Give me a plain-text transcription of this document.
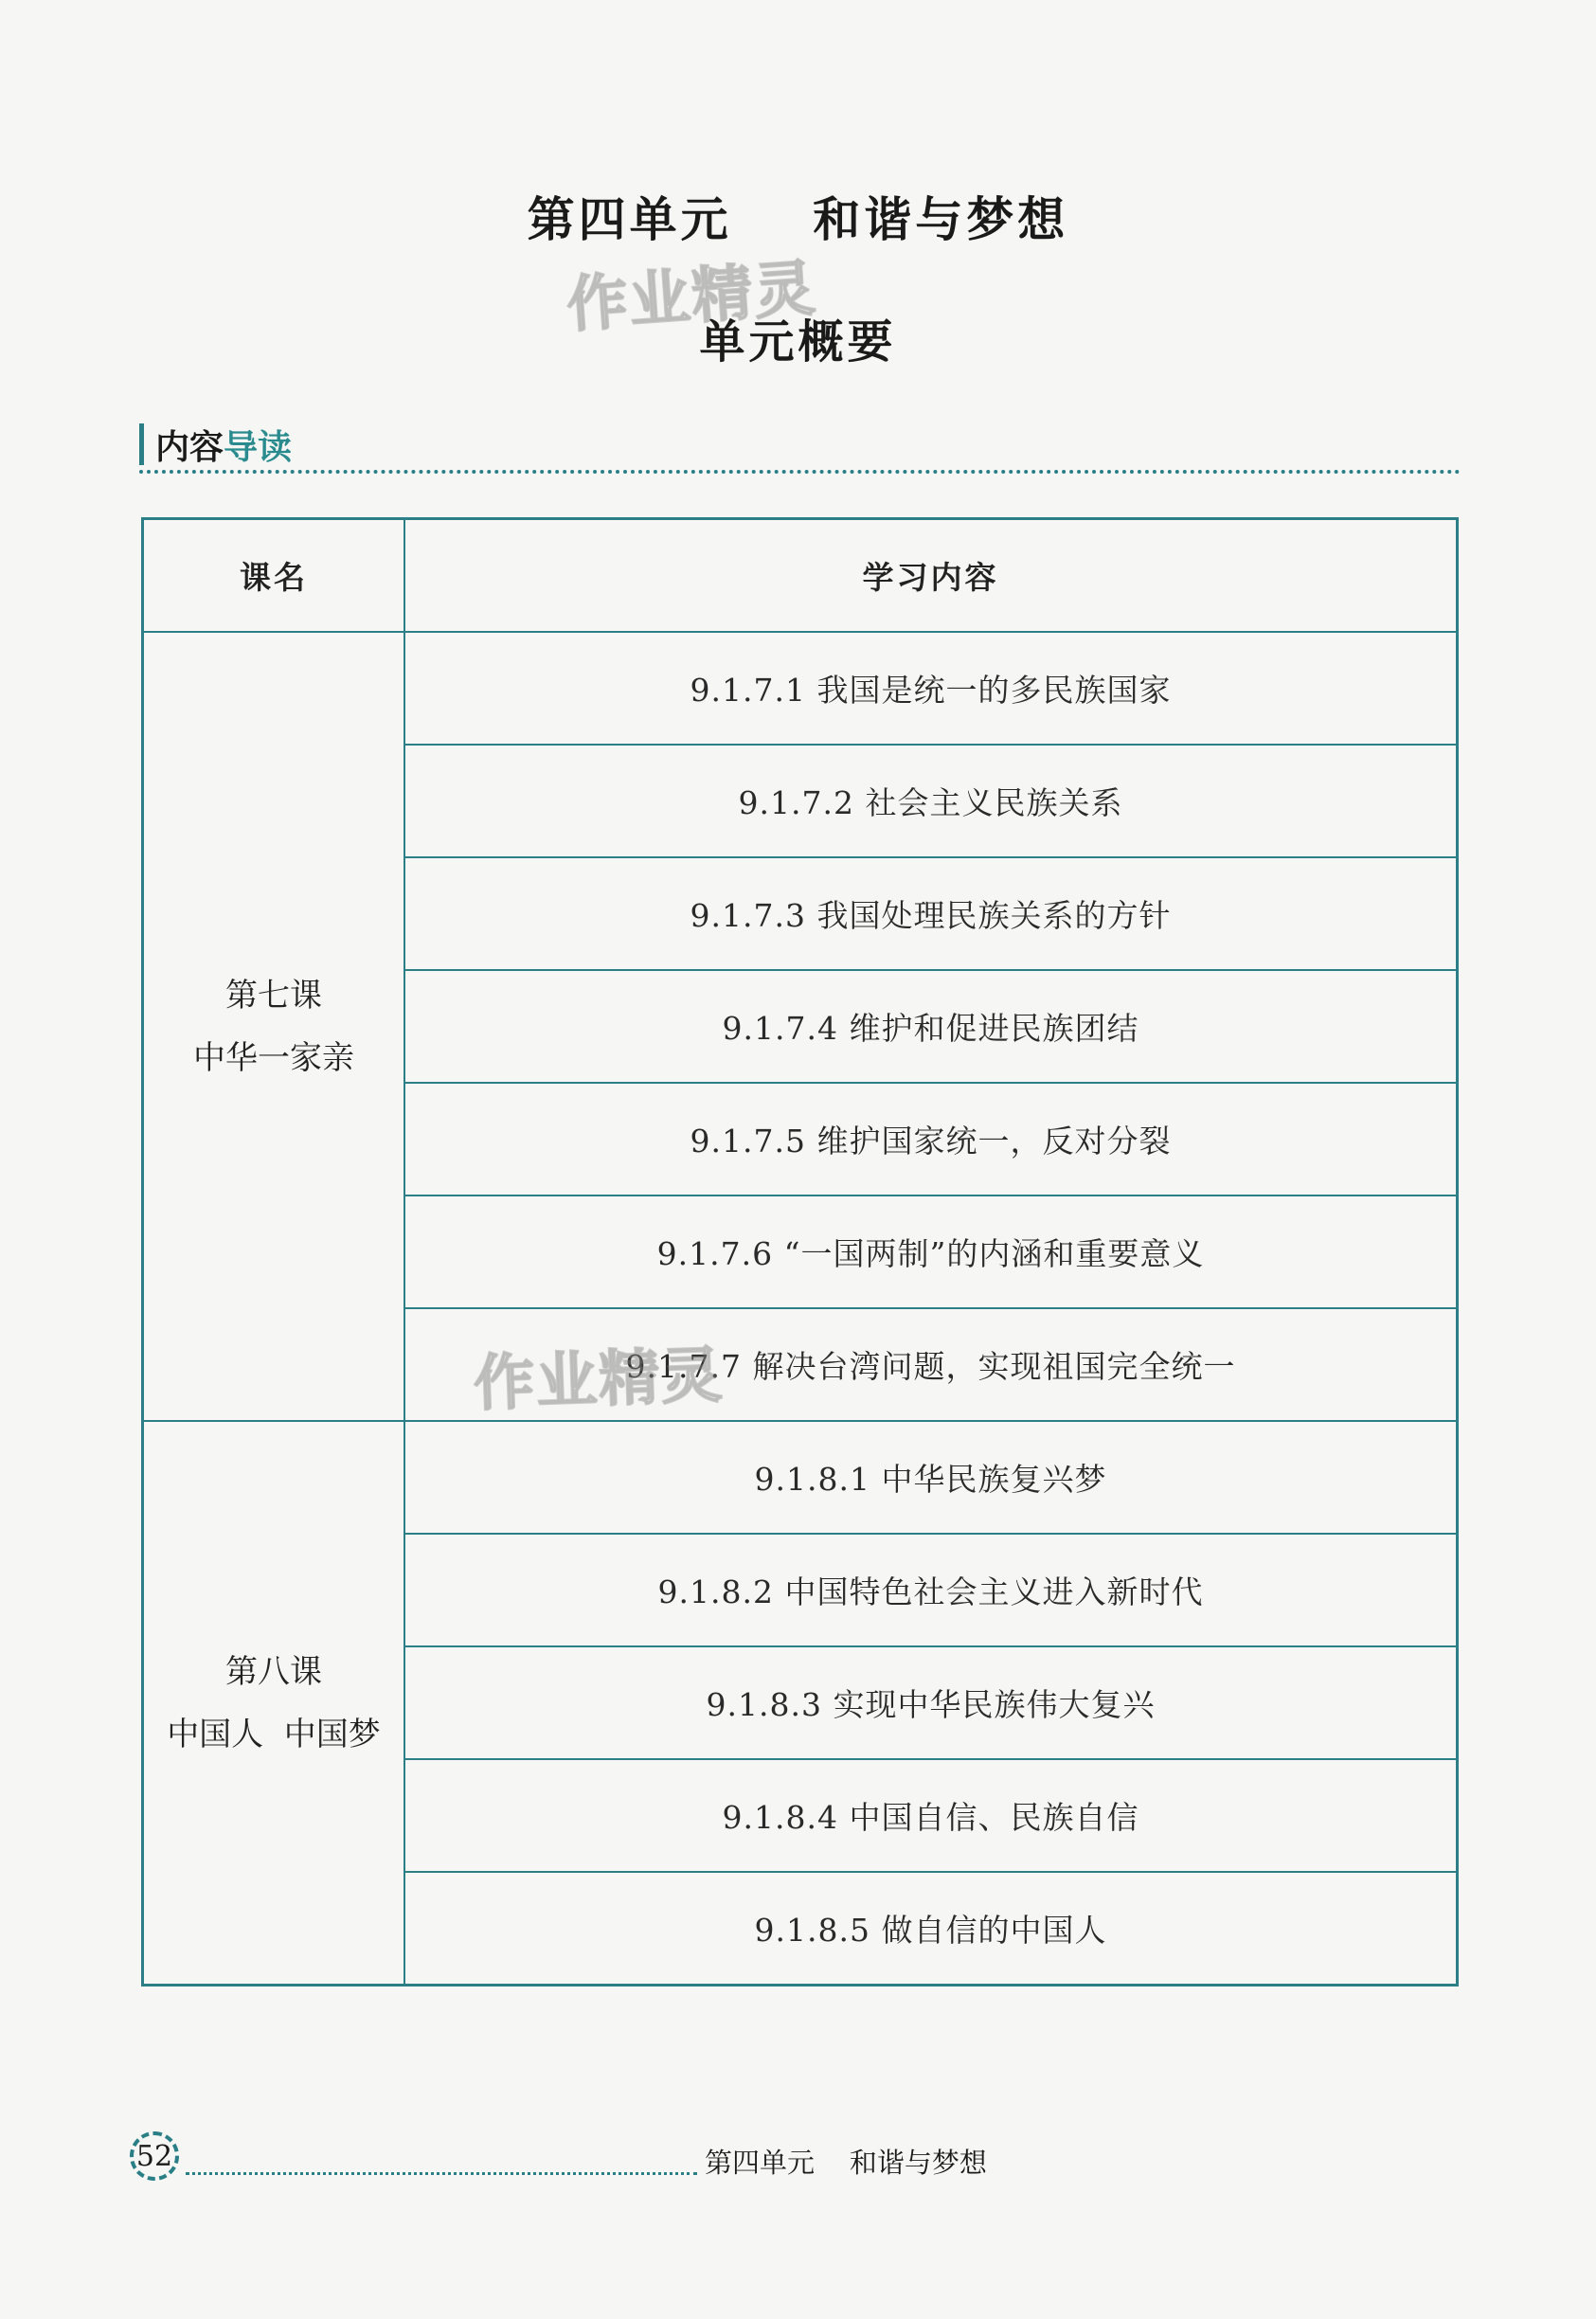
第四单元    和谐与梦想
作业精灵
单元概要
内容导读
课名	学习内容

第七课
中华一家亲	9.1.7.1 我国是统一的多民族国家
	9.1.7.2 社会主义民族关系
	9.1.7.3 我国处理民族关系的方针
	9.1.7.4 维护和促进民族团结
	9.1.7.5 维护国家统一，反对分裂
	9.1.7.6 “一国两制”的内涵和重要意义
	9.1.7.7 解决台湾问题，实现祖国完全统一

第八课
中国人  中国梦	9.1.8.1 中华民族复兴梦
	9.1.8.2 中国特色社会主义进入新时代
	9.1.8.3 实现中华民族伟大复兴
	9.1.8.4 中国自信、民族自信
	9.1.8.5 做自信的中国人
作业精灵
52	第四单元    和谐与梦想
